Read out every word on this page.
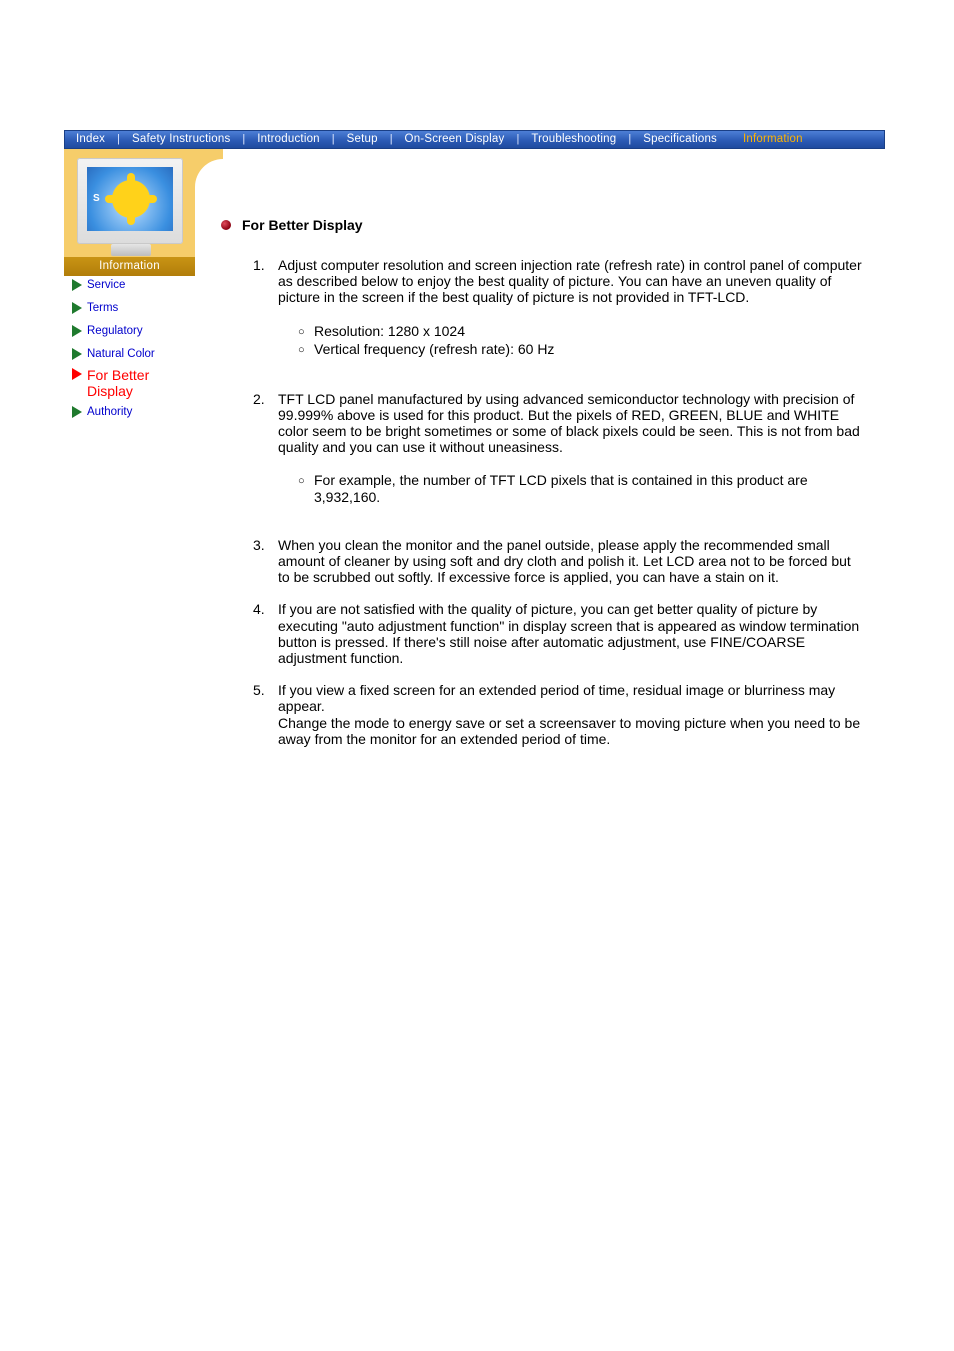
Index | Safety Instructions | Introduction | Setup | On-Screen Display | Troubleshooting | Specifications Information
S
Information
Service
Terms
Regulatory
Natural Color
For Better Display
Authority
For Better Display
1. Adjust computer resolution and screen injection rate (refresh rate) in control panel of computer as described below to enjoy the best quality of picture. You can have an uneven quality of picture in the screen if the best quality of picture is not provided in TFT-LCD.
○ Resolution: 1280 x 1024
○ Vertical frequency (refresh rate): 60 Hz
2. TFT LCD panel manufactured by using advanced semiconductor technology with precision of 99.999% above is used for this product. But the pixels of RED, GREEN, BLUE and WHITE color seem to be bright sometimes or some of black pixels could be seen. This is not from bad quality and you can use it without uneasiness.
○ For example, the number of TFT LCD pixels that is contained in this product are 3,932,160.
3. When you clean the monitor and the panel outside, please apply the recommended small amount of cleaner by using soft and dry cloth and polish it. Let LCD area not to be forced but to be scrubbed out softly. If excessive force is applied, you can have a stain on it.
4. If you are not satisfied with the quality of picture, you can get better quality of picture by executing "auto adjustment function" in display screen that is appeared as window termination button is pressed. If there's still noise after automatic adjustment, use FINE/COARSE adjustment function.
5. If you view a fixed screen for an extended period of time, residual image or blurriness may appear.
Change the mode to energy save or set a screensaver to moving picture when you need to be away from the monitor for an extended period of time.
